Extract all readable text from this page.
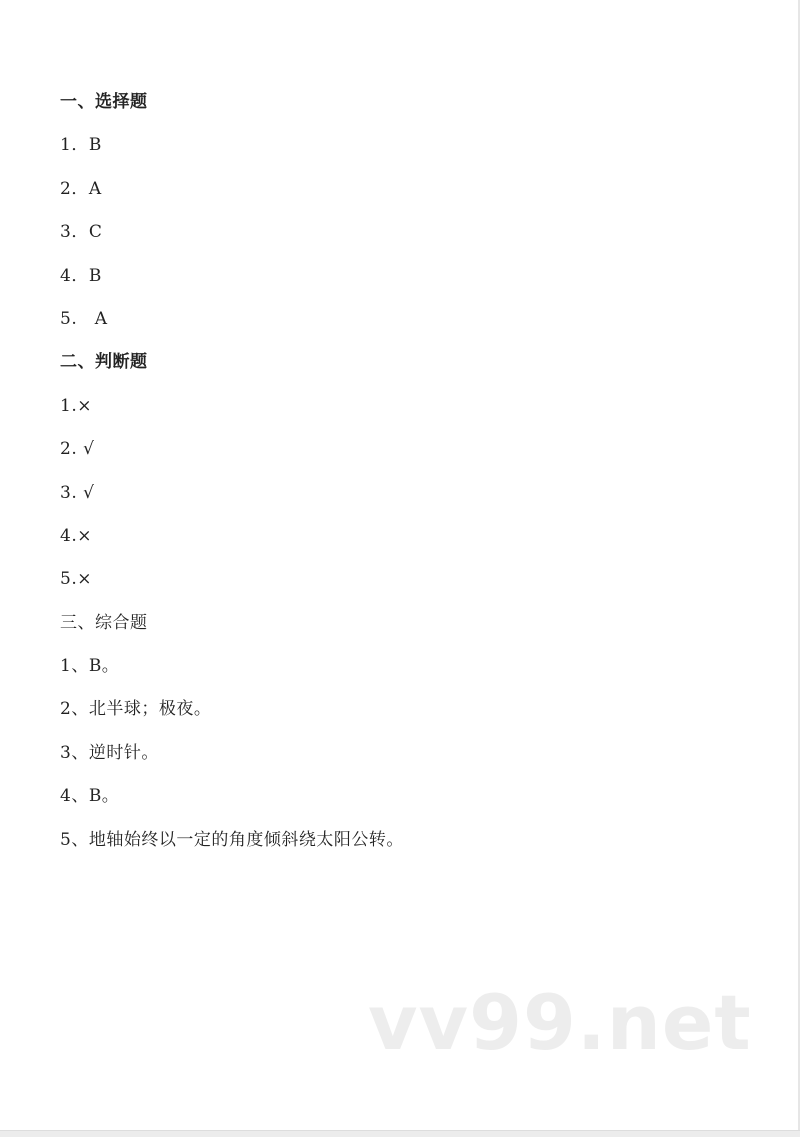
一、选择题
1．B
2．A
3．C
4．B
5.　A
二、判断题
1.×
2. √
3. √
4.×
5.×
三、综合题
1、B。
2、北半球；极夜。
3、逆时针。
4、B。
5、地轴始终以一定的角度倾斜绕太阳公转。
vv99.net
